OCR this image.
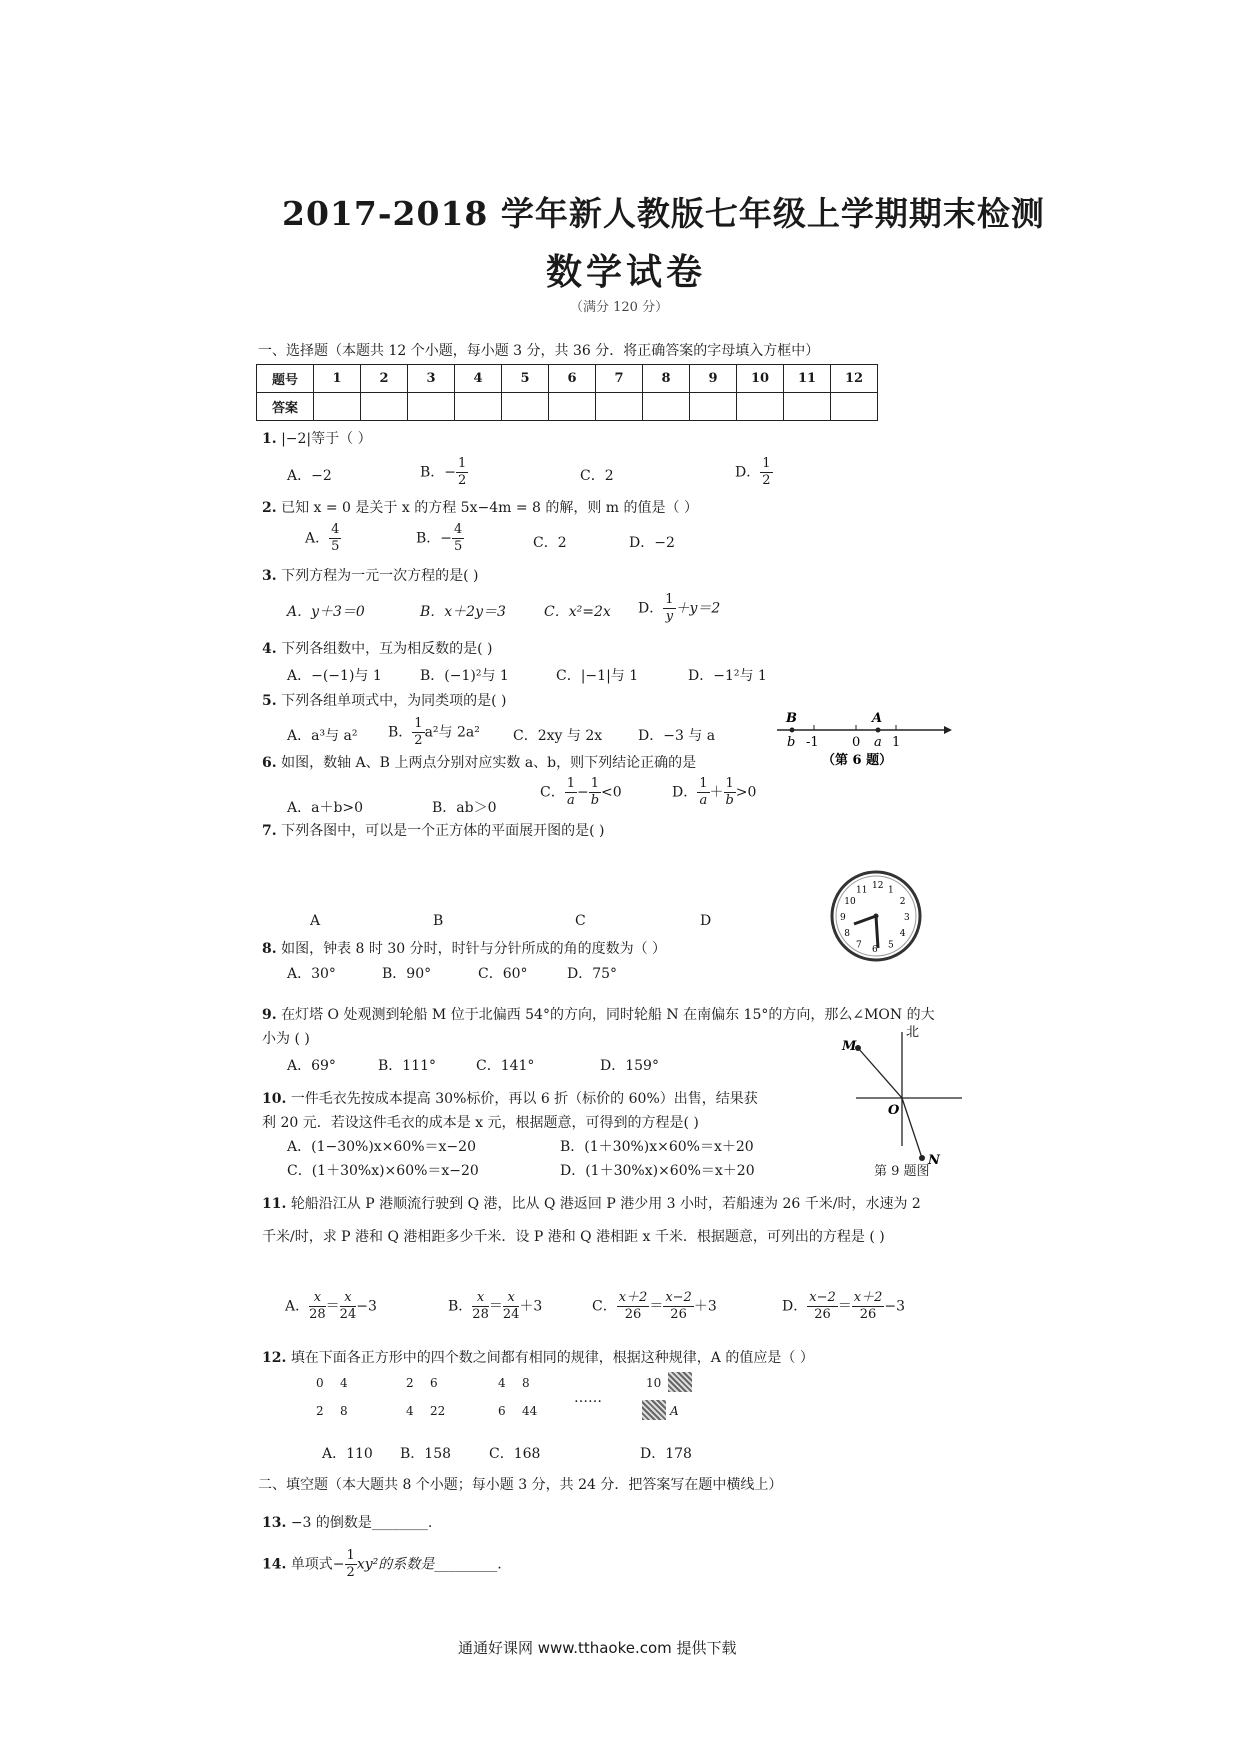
2017-2018 学年新人教版七年级上学期期末检测
数学试卷
（满分 120 分）
一、选择题（本题共 12 个小题，每小题 3 分，共 36 分．将正确答案的字母填入方框中）
题号	1	2	3	4	5	6	7	8	9	10	11	12
答案												
1. |−2|等于（ ）
A．−2	B．− $\frac{1}{2}$	C．2	D． $\frac{1}{2}$
2. 已知 x = 0 是关于 x 的方程 5x−4m = 8 的解，则 m 的值是（ ）
A． $\frac{4}{5}$	B．− $\frac{4}{5}$	C．2	D．−2
3. 下列方程为一元一次方程的是( )
A．y＋3＝0	B．x＋2y＝3	C．x²=2x D． $\frac{1}{y} +y=2$
4. 下列各组数中，互为相反数的是( )
A．−(−1)与 1	B．(−1)²与 1	C．|−1|与 1	D．−1²与 1
5. 下列各组单项式中，为同类项的是( )
A．a³与 a² B． $\frac{1}{2} a^2$与 2a² C．2xy 与 2x	D．−3 与 a
B
b -1	0
A
a 1
（第 6 题）
6. 如图，数轴 A、B 上两点分别对应实数 a、b，则下列结论正确的是
A．a＋b>0	B．ab＞0
C． $\frac{1}{a} - \frac{1}{b} <0$	D． $\frac{1}{a} + \frac{1}{b} >0$
7. 下列各图中，可以是一个正方体的平面展开图的是( )
A	B	C	D
12 1
2
3
4
5
6
7
8
9
10
11
8. 如图，钟表 8 时 30 分时，时针与分针所成的角的度数为（ ）
A．30°	B．90°	C．60°	D．75°
9. 在灯塔 O 处观测到轮船 M 位于北偏西 54°的方向，同时轮船 N 在南偏东 15°的方向，那么∠MON 的大
小为 ( )
A．69°	B．111°	C．141°	D．159°
M
北
O
N
第 9 题图
10. 一件毛衣先按成本提高 30%标价，再以 6 折（标价的 60%）出售，结果获
利 20 元．若设这件毛衣的成本是 x 元，根据题意，可得到的方程是( )
A．(1−30%)x×60%＝x−20	B．(1＋30%)x×60%＝x＋20
C．(1＋30%x)×60%＝x−20	D．(1＋30%x)×60%＝x＋20
11. 轮船沿江从 P 港顺流行驶到 Q 港，比从 Q 港返回 P 港少用 3 小时，若船速为 26 千米/时，水速为 2
千米/时，求 P 港和 Q 港相距多少千米．设 P 港和 Q 港相距 x 千米．根据题意，可列出的方程是 ( )
A． $\frac{x}{28} = \frac{x}{24} -3$	B． $\frac{x}{28} = \frac{x}{24} +3$	C． $\frac{x+2}{26} = \frac{x-2}{26} +3$	D． $\frac{x-2}{26} = \frac{x+2}{26} -3$
12. 填在下面各正方形中的四个数之间都有相同的规律，根据这种规律，A 的值应是（ ）
0 4
2 8
2 6
4 22
4 8
6 44
……
10
A
A．110 B．158	C．168	D．178
二、填空题（本大题共 8 个小题；每小题 3 分，共 24 分．把答案写在题中横线上）
13. −3 的倒数是________.
14. 单项式− $\frac{1}{2} xy^2$的系数是_________.
通通好课网 www.tthaoke.com 提供下载
